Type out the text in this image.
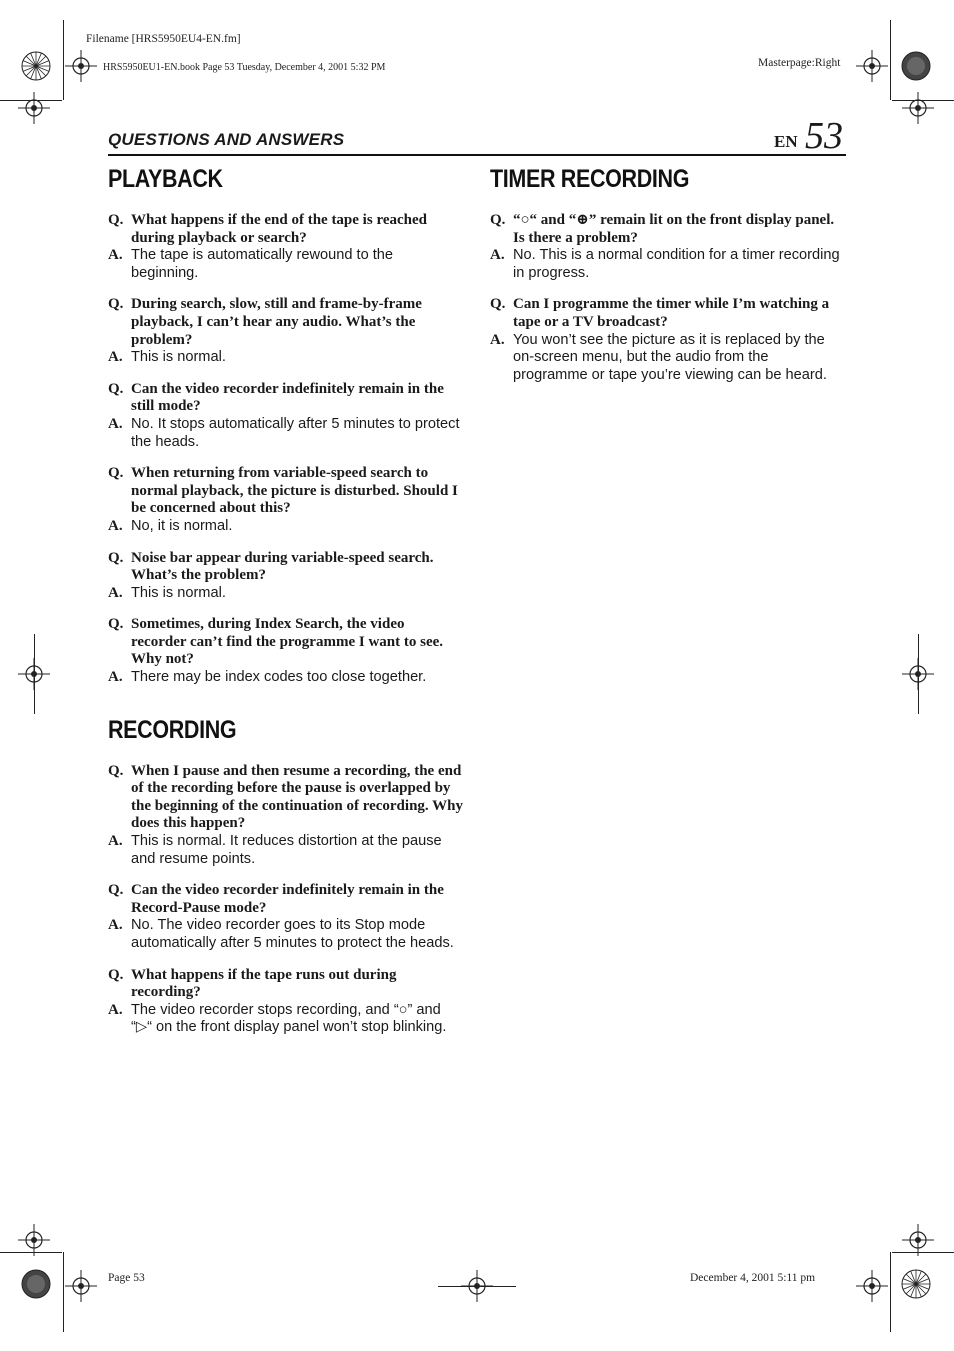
Filename [HRS5950EU4-EN.fm]
HRS5950EU1-EN.book Page 53 Tuesday, December 4, 2001 5:32 PM	Masterpage:Right
QUESTIONS AND ANSWERS	EN 53
PLAYBACK
Q. What happens if the end of the tape is reached during playback or search?
A. The tape is automatically rewound to the beginning.
Q. During search, slow, still and frame-by-frame playback, I can’t hear any audio. What’s the problem?
A. This is normal.
Q. Can the video recorder indefinitely remain in the still mode?
A. No. It stops automatically after 5 minutes to protect the heads.
Q. When returning from variable-speed search to normal playback, the picture is disturbed. Should I be concerned about this?
A. No, it is normal.
Q. Noise bar appear during variable-speed search. What’s the problem?
A. This is normal.
Q. Sometimes, during Index Search, the video recorder can’t find the programme I want to see. Why not?
A. There may be index codes too close together.
RECORDING
Q. When I pause and then resume a recording, the end of the recording before the pause is overlapped by the beginning of the continuation of recording. Why does this happen?
A. This is normal. It reduces distortion at the pause and resume points.
Q. Can the video recorder indefinitely remain in the Record-Pause mode?
A. No. The video recorder goes to its Stop mode automatically after 5 minutes to protect the heads.
Q. What happens if the tape runs out during recording?
A. The video recorder stops recording, and “○” and “▷“ on the front display panel won’t stop blinking.
TIMER RECORDING
Q. “○“ and “⊕” remain lit on the front display panel. Is there a problem?
A. No. This is a normal condition for a timer recording in progress.
Q. Can I programme the timer while I’m watching a tape or a TV broadcast?
A. You won’t see the picture as it is replaced by the on-screen menu, but the audio from the programme or tape you’re viewing can be heard.
Page 53	December 4, 2001 5:11 pm
